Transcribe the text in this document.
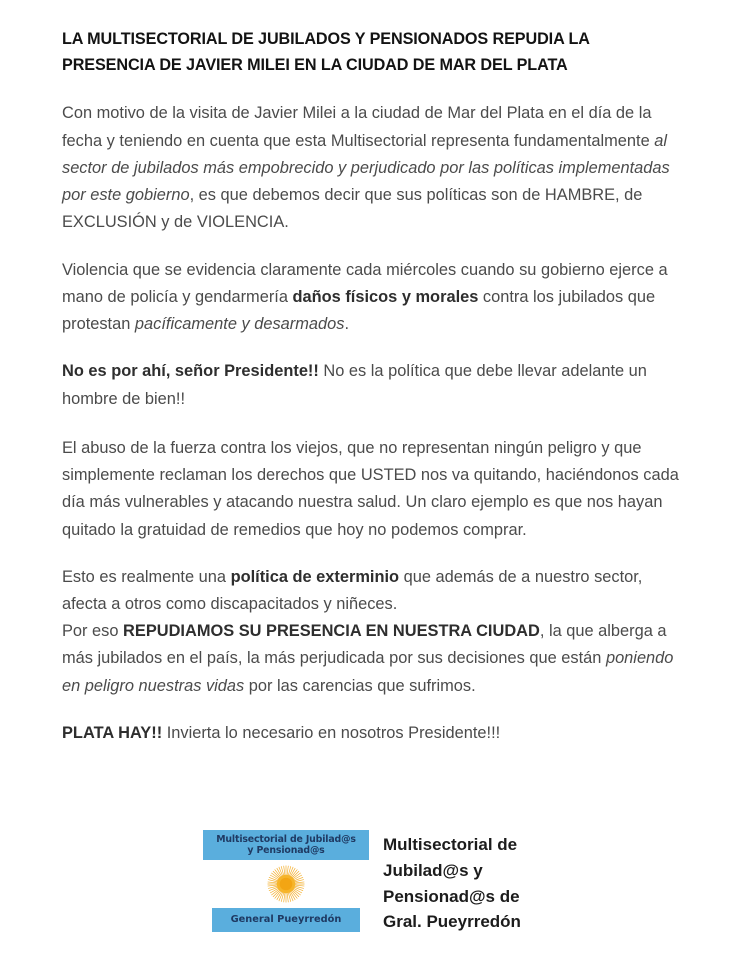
LA MULTISECTORIAL DE JUBILADOS Y PENSIONADOS REPUDIA LA
PRESENCIA DE JAVIER MILEI EN LA CIUDAD DE MAR DEL PLATA

Con motivo de la visita de Javier Milei a la ciudad de Mar del Plata en el día de la fecha y teniendo en cuenta que esta Multisectorial representa fundamentalmente al sector de jubilados más empobrecido y perjudicado por las políticas implementadas por este gobierno, es que debemos decir que sus políticas son de HAMBRE, de EXCLUSIÓN y de VIOLENCIA.

Violencia que se evidencia claramente cada miércoles cuando su gobierno ejerce a mano de policía y gendarmería daños físicos y morales contra los jubilados que protestan pacíficamente y desarmados.

No es por ahí, señor Presidente!! No es la política que debe llevar adelante un hombre de bien!!

El abuso de la fuerza contra los viejos, que no representan ningún peligro y que simplemente reclaman los derechos que USTED nos va quitando, haciéndonos cada día más vulnerables y atacando nuestra salud. Un claro ejemplo es que nos hayan quitado la gratuidad de remedios que hoy no podemos comprar.

Esto es realmente una política de exterminio que además de a nuestro sector, afecta a otros como discapacitados y niñeces.
Por eso REPUDIAMOS SU PRESENCIA EN NUESTRA CIUDAD, la que alberga a más jubilados en el país, la más perjudicada por sus decisiones que están poniendo en peligro nuestras vidas por las carencias que sufrimos.

PLATA HAY!! Invierta lo necesario en nosotros Presidente!!!

Multisectorial de Jubilad@s
y Pensionad@s
General Pueyrredón
Multisectorial de
Jubilad@s y
Pensionad@s de
Gral. Pueyrredón
